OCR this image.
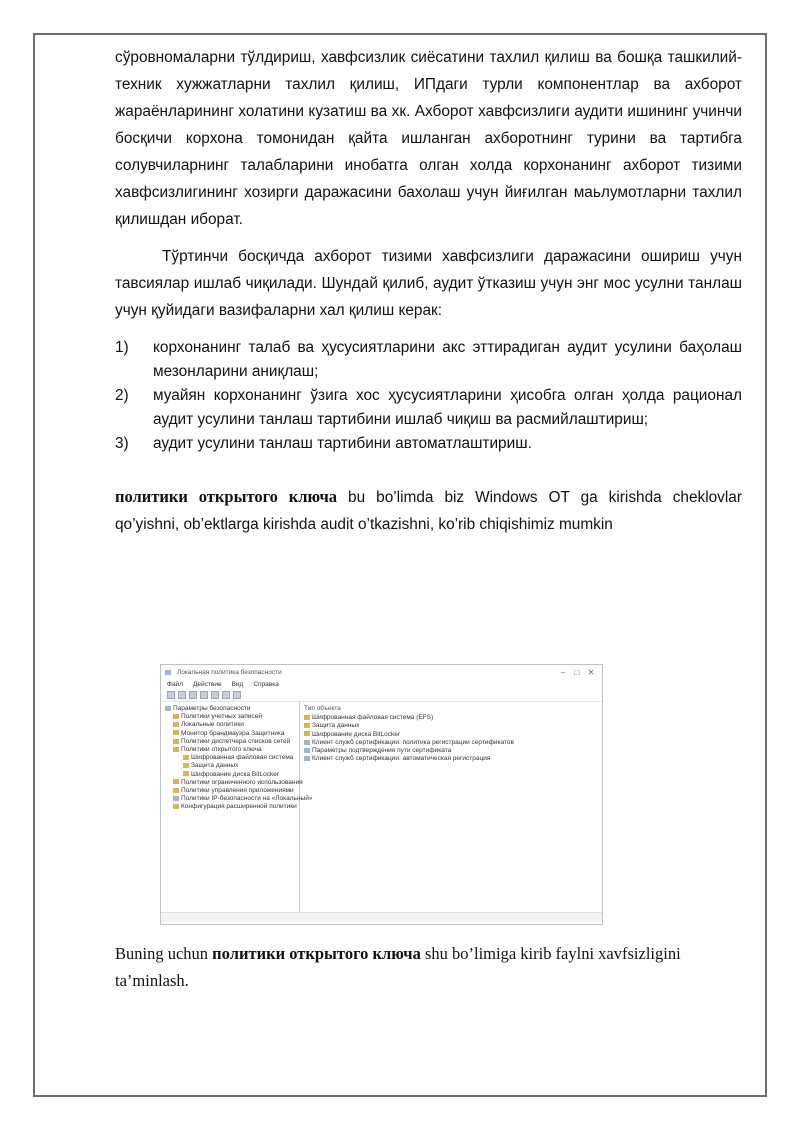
сўровномаларни тўлдириш, хавфсизлик сиёсатини тахлил қилиш ва бошқа ташкилий-техник хужжатларни тахлил қилиш, ИПдаги турли компонентлар ва ахборот жараёнларининг холатини кузатиш ва хк. Ахборот хавфсизлиги аудити ишининг учинчи босқичи корхона томонидан қайта ишланган ахборотнинг турини ва тартибга солувчиларнинг талабларини инобатга олган холда корхонанинг ахборот тизими хавфсизлигининг хозирги даражасини бахолаш учун йиғилган маьлумотларни тахлил қилишдан иборат.

Тўртинчи босқичда ахборот тизими хавфсизлиги даражасини ошириш учун тавсиялар ишлаб чиқилади. Шундай қилиб, аудит ўтказиш учун энг мос усулни танлаш учун қуйидаги вазифаларни хал қилиш керак:

1) корхонанинг талаб ва ҳусусиятларини акс эттирадиган аудит усулини баҳолаш мезонларини аниқлаш;
2) муайян корхонанинг ўзига хос ҳусусиятларини ҳисобга олган ҳолда рационал аудит усулини танлаш тартибини ишлаб чиқиш ва расмийлаштириш;
3) аудит усулини танлаш тартибини автоматлаштириш.

политики открытого ключа bu bo’limda biz Windows OT ga kirishda cheklovlar qo’yishni, ob’ektlarga kirishda audit o’tkazishni, ko’rib chiqishimiz mumkin

Локальная политика безопасности	–	□	✕
Файл Действие Вид Справка
Параметры безопасности
Политики учетных записей
Локальные политики
Монитор брандмауэра Защитника
Политики диспетчера списков сетей
Политики открытого ключа
Шифрованная файловая система
Защита данных
Шифрование диска BitLocker
Политики ограниченного использования
Политики управления приложениями
Политики IP-безопасности на «Локальный»
Конфигурация расширенной политики
Тип объекта
Шифрованная файловая система (EFS)
Защита данных
Шифрование диска BitLocker
Клиент служб сертификации: политика регистрации сертификатов
Параметры подтверждения пути сертификата
Клиент служб сертификации: автоматическая регистрация
Buning uchun политики открытого ключа shu bo’limiga kirib faylni xavfsizligini ta’minlash.
